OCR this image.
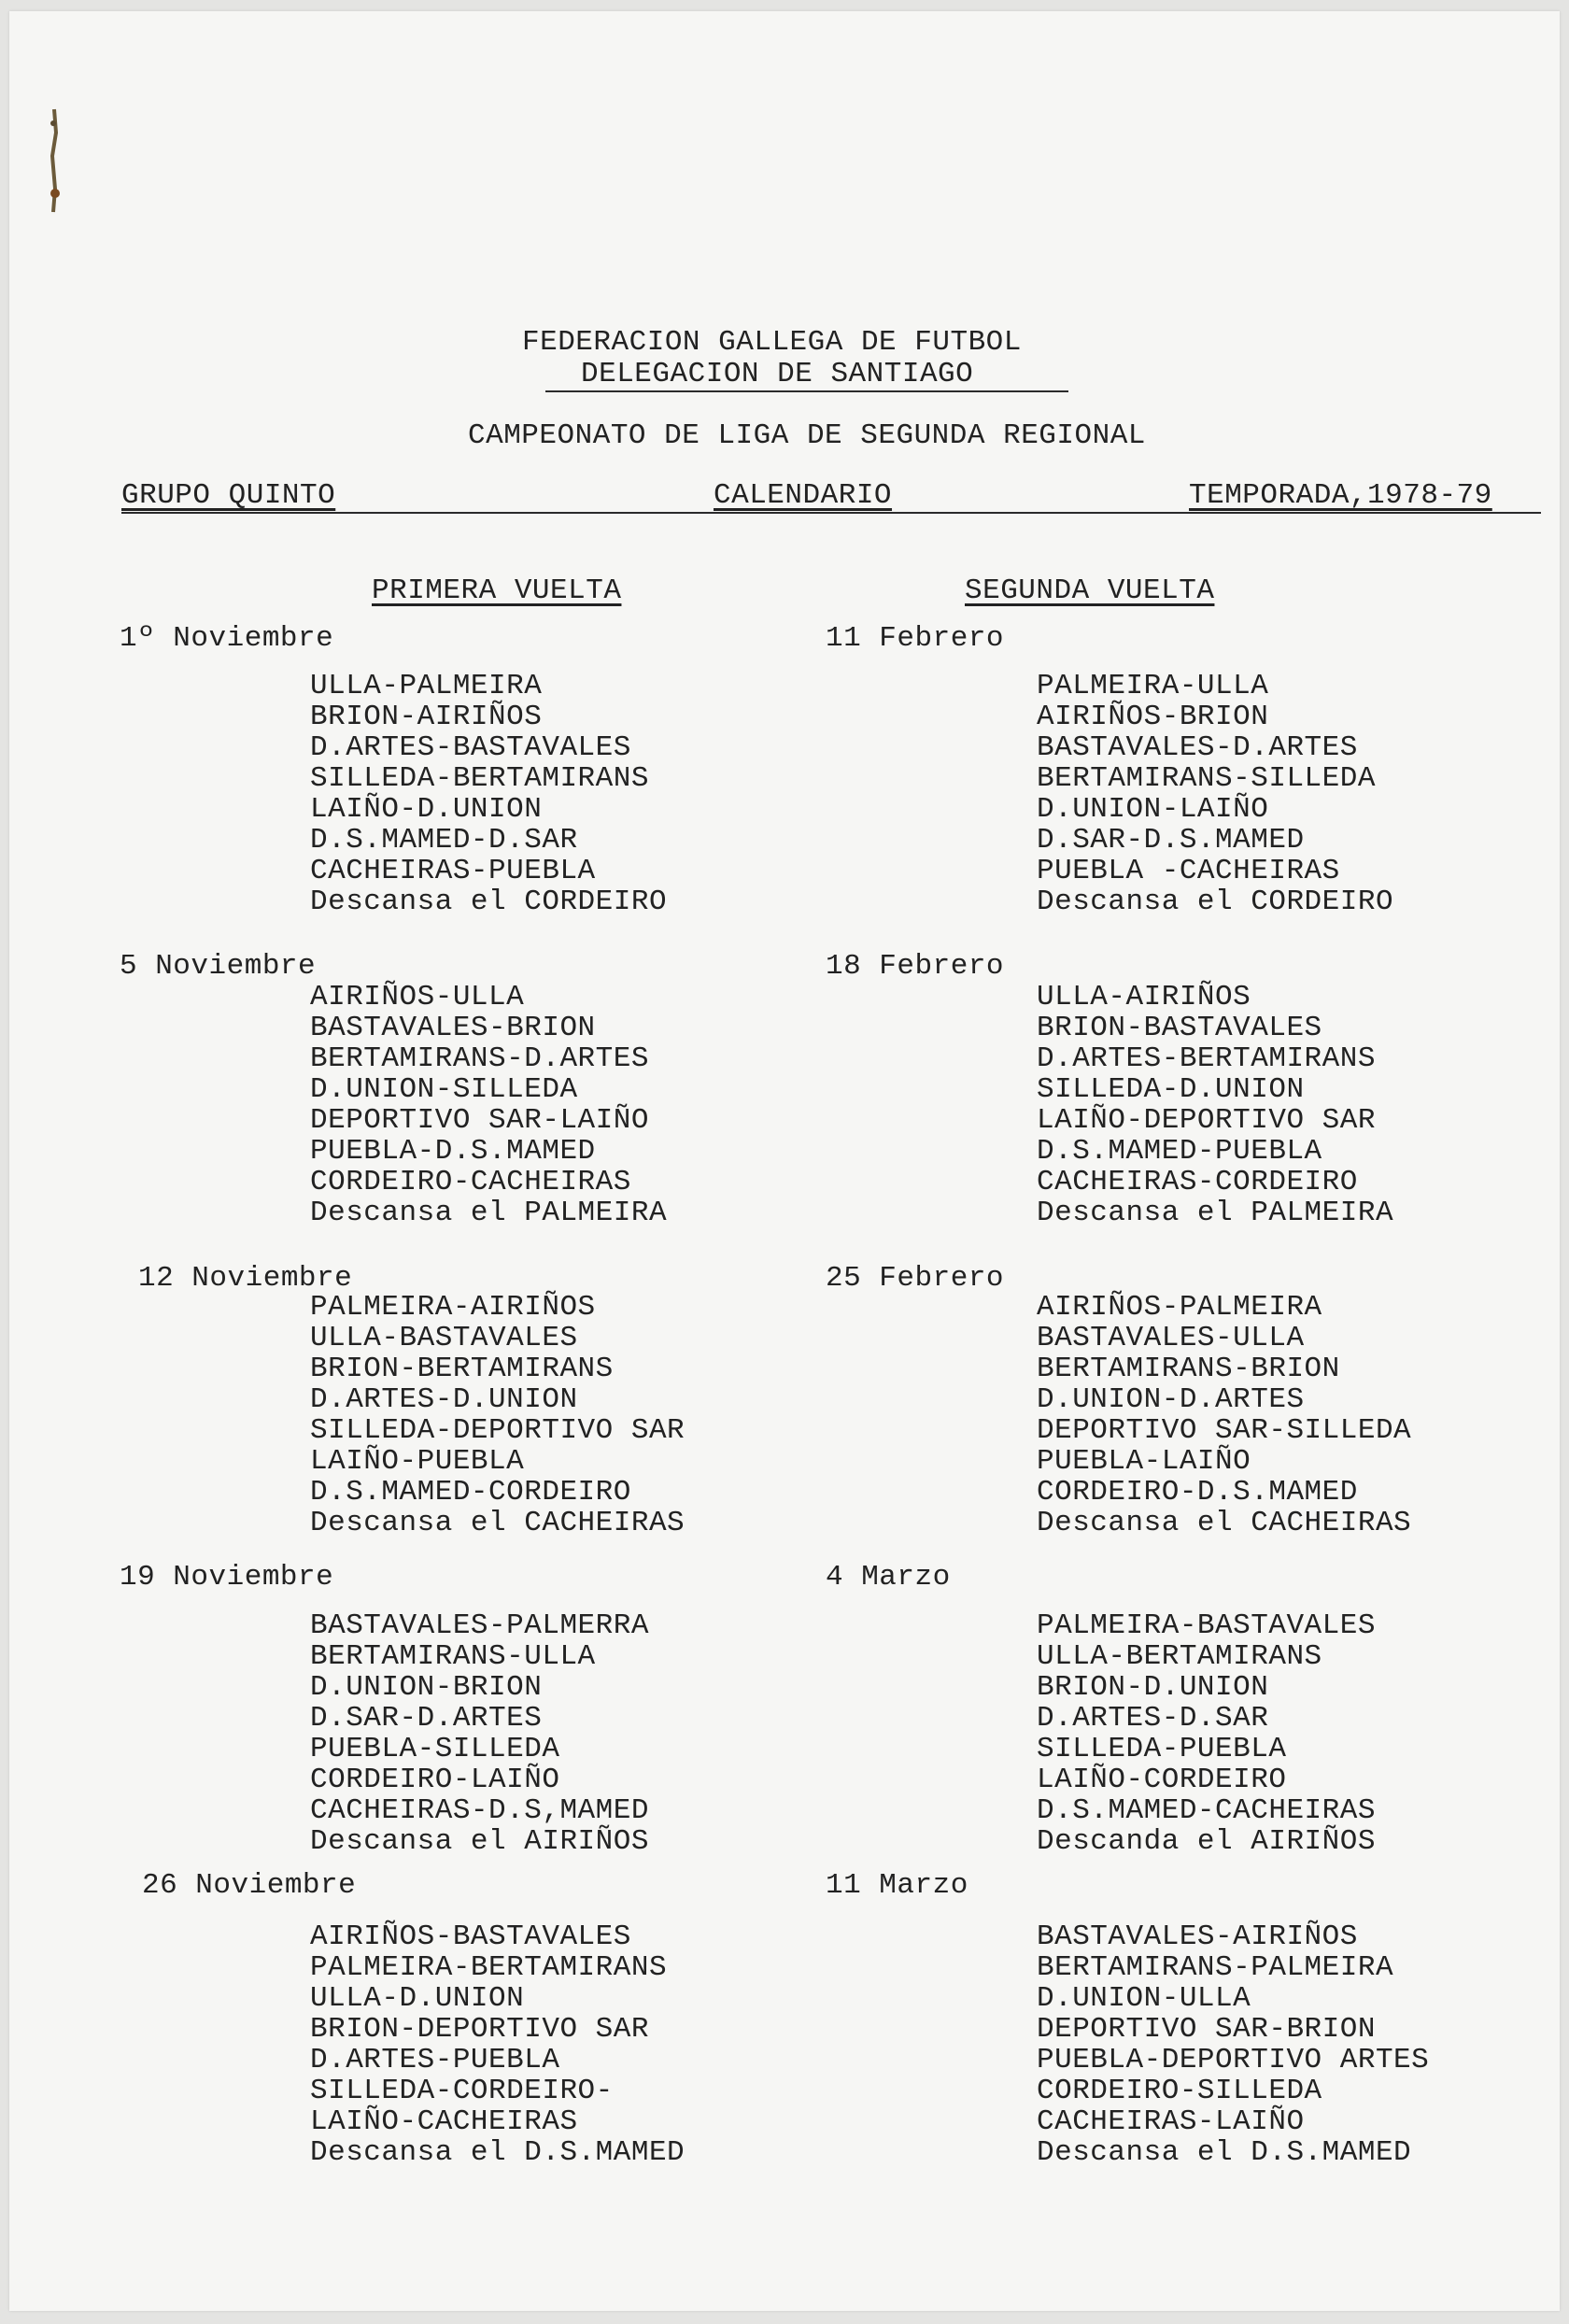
FEDERACION GALLEGA DE FUTBOL
DELEGACION DE SANTIAGO
CAMPEONATO DE LIGA DE SEGUNDA REGIONAL
GRUPO QUINTO	CALENDARIO	TEMPORADA,1978-79
PRIMERA VUELTA	SEGUNDA VUELTA
1º Noviembre
ULLA-PALMEIRA
BRION-AIRIÑOS
D.ARTES-BASTAVALES
SILLEDA-BERTAMIRANS
LAIÑO-D.UNION
D.S.MAMED-D.SAR
CACHEIRAS-PUEBLA
Descansa el CORDEIRO
5 Noviembre
AIRIÑOS-ULLA
BASTAVALES-BRION
BERTAMIRANS-D.ARTES
D.UNION-SILLEDA
DEPORTIVO SAR-LAIÑO
PUEBLA-D.S.MAMED
CORDEIRO-CACHEIRAS
Descansa el PALMEIRA
12 Noviembre
PALMEIRA-AIRIÑOS
ULLA-BASTAVALES
BRION-BERTAMIRANS
D.ARTES-D.UNION
SILLEDA-DEPORTIVO SAR
LAIÑO-PUEBLA
D.S.MAMED-CORDEIRO
Descansa el CACHEIRAS
19 Noviembre
BASTAVALES-PALMERRA
BERTAMIRANS-ULLA
D.UNION-BRION
D.SAR-D.ARTES
PUEBLA-SILLEDA
CORDEIRO-LAIÑO
CACHEIRAS-D.S,MAMED
Descansa el AIRIÑOS
26 Noviembre
AIRIÑOS-BASTAVALES
PALMEIRA-BERTAMIRANS
ULLA-D.UNION
BRION-DEPORTIVO SAR
D.ARTES-PUEBLA
SILLEDA-CORDEIRO-
LAIÑO-CACHEIRAS
Descansa el D.S.MAMED
11 Febrero
PALMEIRA-ULLA
AIRIÑOS-BRION
BASTAVALES-D.ARTES
BERTAMIRANS-SILLEDA
D.UNION-LAIÑO
D.SAR-D.S.MAMED
PUEBLA -CACHEIRAS
Descansa el CORDEIRO
18 Febrero
ULLA-AIRIÑOS
BRION-BASTAVALES
D.ARTES-BERTAMIRANS
SILLEDA-D.UNION
LAIÑO-DEPORTIVO SAR
D.S.MAMED-PUEBLA
CACHEIRAS-CORDEIRO
Descansa el PALMEIRA
25 Febrero
AIRIÑOS-PALMEIRA
BASTAVALES-ULLA
BERTAMIRANS-BRION
D.UNION-D.ARTES
DEPORTIVO SAR-SILLEDA
PUEBLA-LAIÑO
CORDEIRO-D.S.MAMED
Descansa el CACHEIRAS
4 Marzo
PALMEIRA-BASTAVALES
ULLA-BERTAMIRANS
BRION-D.UNION
D.ARTES-D.SAR
SILLEDA-PUEBLA
LAIÑO-CORDEIRO
D.S.MAMED-CACHEIRAS
Descanda el AIRIÑOS
11 Marzo
BASTAVALES-AIRIÑOS
BERTAMIRANS-PALMEIRA
D.UNION-ULLA
DEPORTIVO SAR-BRION
PUEBLA-DEPORTIVO ARTES
CORDEIRO-SILLEDA
CACHEIRAS-LAIÑO
Descansa el D.S.MAMED
